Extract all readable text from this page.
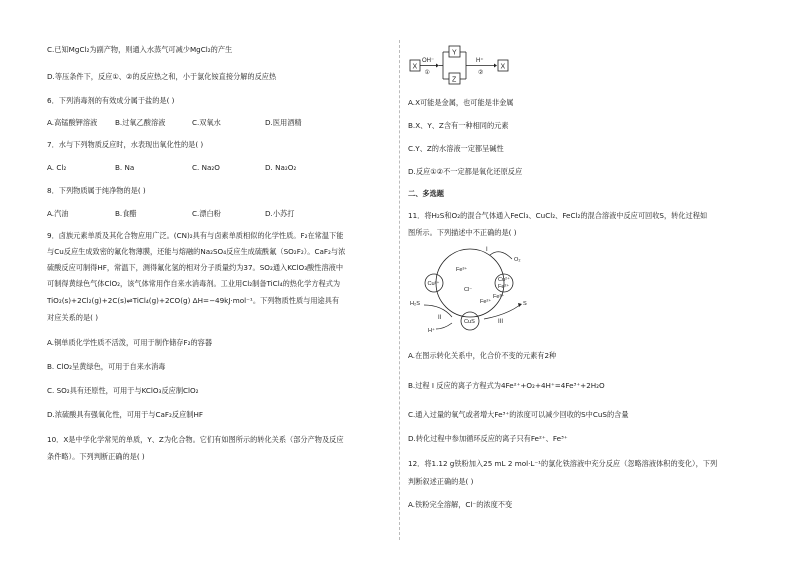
C.已知MgCl₂为副产物，则通入水蒸气可减少MgCl₂的产生
D.等压条件下，反应①、②的反应热之和，小于氯化铵直接分解的反应热
6．下列消毒剂的有效成分属于盐的是( )
A.高锰酸钾溶液 B.过氧乙酸溶液	C.双氧水	D.医用酒精
7．水与下列物质反应时，水表现出氧化性的是( )
A. Cl₂	B. Na	C. Na₂O	D. Na₂O₂
8．下列物质属于纯净物的是( )
A.汽油	B.食醋	C.漂白粉	D.小苏打
9．卤族元素单质及其化合物应用广泛。(CN)₂具有与卤素单质相似的化学性质。F₂在常温下能
与Cu反应生成致密的氟化物薄膜，还能与熔融的Na₂SO₄反应生成硫酰氟（SO₂F₂）。CaF₂与浓
硫酸反应可制得HF，常温下，测得氟化氢的相对分子质量约为37。SO₂通入KClO₃酸性溶液中
可制得黄绿色气体ClO₂，该气体常用作自来水消毒剂。工业用Cl₂制备TiCl₄的热化学方程式为
TiO₂(s)+2Cl₂(g)+2C(s)⇌TiCl₄(g)+2CO(g) ΔH=−49kJ·mol⁻¹。下列物质性质与用途具有
对应关系的是( )
A.铜单质化学性质不活泼，可用于制作储存F₂的容器
B. ClO₂呈黄绿色，可用于自来水消毒
C. SO₂具有还原性，可用于与KClO₃反应制ClO₂
D.浓硫酸具有强氧化性，可用于与CaF₂反应制HF
10．X是中学化学常见的单质，Y、Z为化合物。它们有如图所示的转化关系（部分产物及反应
条件略）。下列判断正确的是( )
X
OH⁻
①
Y
Z
H⁺
②
X
A.X可能是金属，也可能是非金属
B.X、Y、Z含有一种相同的元素
C.Y、Z的水溶液一定都呈碱性
D.反应①②不一定都是氧化还原反应
二、多选题
11．将H₂S和O₂的混合气体通入FeCl₃、CuCl₂、FeCl₂的混合溶液中反应可回收S，转化过程如
图所示。下列描述中不正确的是( )
Cu²⁺
Cu²⁺
Fe²⁺
CuS
Fe³⁺
Cl⁻
Fe²⁺
O₂
I
H₂S
II
H⁺
Fe³⁺
S
III
A.在图示转化关系中，化合价不变的元素有2种
B.过程 I 反应的离子方程式为4Fe²⁺+O₂+4H⁺=4Fe³⁺+2H₂O
C.通入过量的氧气或者增大Fe³⁺的浓度可以减少回收的S中CuS的含量
D.转化过程中参加循环反应的离子只有Fe²⁺、Fe³⁺
12．将1.12 g铁粉加入25 mL 2 mol·L⁻¹的氯化铁溶液中充分反应（忽略溶液体积的变化），下列
判断叙述正确的是( )
A.铁粉完全溶解，Cl⁻的浓度不变
